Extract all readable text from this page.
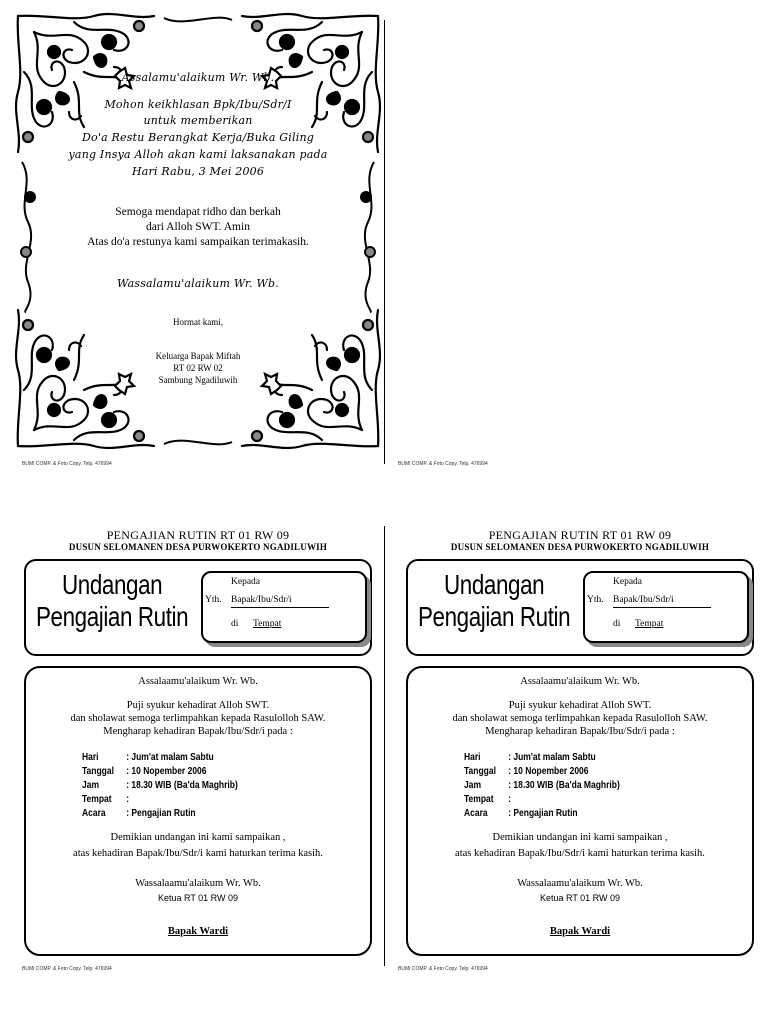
Assalamu'alaikum Wr. Wb.
Mohon keikhlasan Bpk/Ibu/Sdr/I
untuk memberikan
Do'a Restu Berangkat Kerja/Buka Giling
yang Insya Alloh akan kami laksanakan pada
Hari Rabu, 3 Mei 2006
Semoga mendapat ridho dan berkah
dari Alloh SWT. Amin
Atas do'a restunya kami sampaikan terimakasih.
Wassalamu'alaikum Wr. Wb.
Hormat kami,
Keluarga Bapak Miftah
RT 02 RW 02
Sambung Ngadiluwih
BUMI COMP. & Foto Copy. Telp. 476994	BUMI COMP. & Foto Copy. Telp. 476994
PENGAJIAN RUTIN RT 01 RW 09
DUSUN SELOMANEN DESA PURWOKERTO NGADILUWIH
Undangan
Pengajian Rutin
Kepada
Yth. Bapak/Ibu/Sdr/i
di Tempat
Assalaamu'alaikum Wr. Wb.
Puji syukur kehadirat Alloh SWT.
dan sholawat semoga terlimpahkan kepada Rasulolloh SAW.
Mengharap kehadiran Bapak/Ibu/Sdr/i pada :
Hari	: Jum'at malam Sabtu
Tanggal : 10 Nopember 2006
Jam	: 18.30 WIB (Ba'da Maghrib)
Tempat :
Acara : Pengajian Rutin
Demikian undangan ini kami sampaikan ,
atas kehadiran Bapak/Ibu/Sdr/i kami haturkan terima kasih.
Wassalaamu'alaikum Wr. Wb.
Ketua RT 01 RW 09
Bapak Wardi
PENGAJIAN RUTIN RT 01 RW 09
DUSUN SELOMANEN DESA PURWOKERTO NGADILUWIH
Undangan
Pengajian Rutin
Kepada
Yth. Bapak/Ibu/Sdr/i
di Tempat
Assalaamu'alaikum Wr. Wb.
Puji syukur kehadirat Alloh SWT.
dan sholawat semoga terlimpahkan kepada Rasulolloh SAW.
Mengharap kehadiran Bapak/Ibu/Sdr/i pada :
Hari	: Jum'at malam Sabtu
Tanggal : 10 Nopember 2006
Jam	: 18.30 WIB (Ba'da Maghrib)
Tempat :
Acara : Pengajian Rutin
Demikian undangan ini kami sampaikan ,
atas kehadiran Bapak/Ibu/Sdr/i kami haturkan terima kasih.
Wassalaamu'alaikum Wr. Wb.
Ketua RT 01 RW 09
Bapak Wardi
BUMI COMP. & Foto Copy. Telp. 476994	BUMI COMP. & Foto Copy. Telp. 476994
